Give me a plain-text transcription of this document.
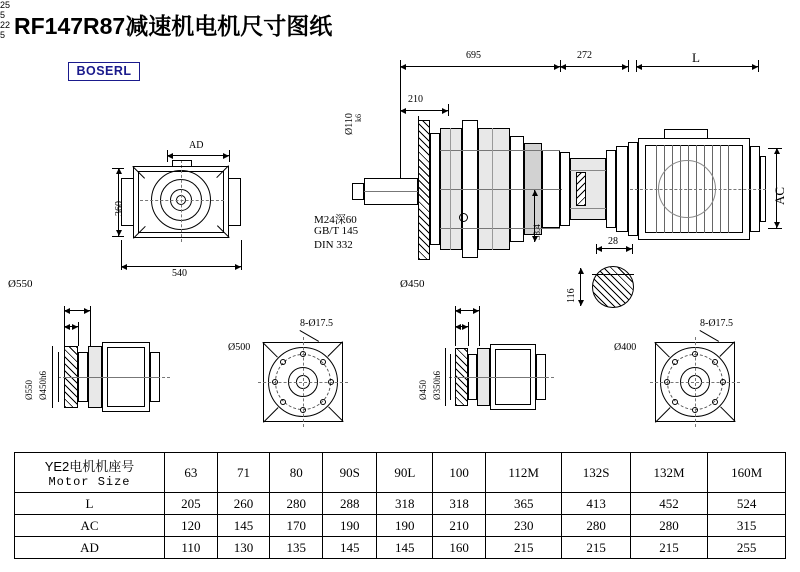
RF147R87减速机电机尺寸图纸
BOSERL
AD
360
540
695	272	L
210
Ø110 k6
33.4
AC
M24深60
GB/T 145
DIN 332	28
116
Ø550
25
5
Ø550 Ø450h6
8-Ø17.5
Ø500
Ø450
22
5
Ø450 Ø350h6
8-Ø17.5
Ø400
YE2电机机座号
Motor Size	63	71	80	90S	90L	100	112M	132S	132M	160M
L	205	260	280	288	318	318	365	413	452	524
AC	120	145	170	190	190	210	230	280	280	315
AD	110	130	135	145	145	160	215	215	215	255
